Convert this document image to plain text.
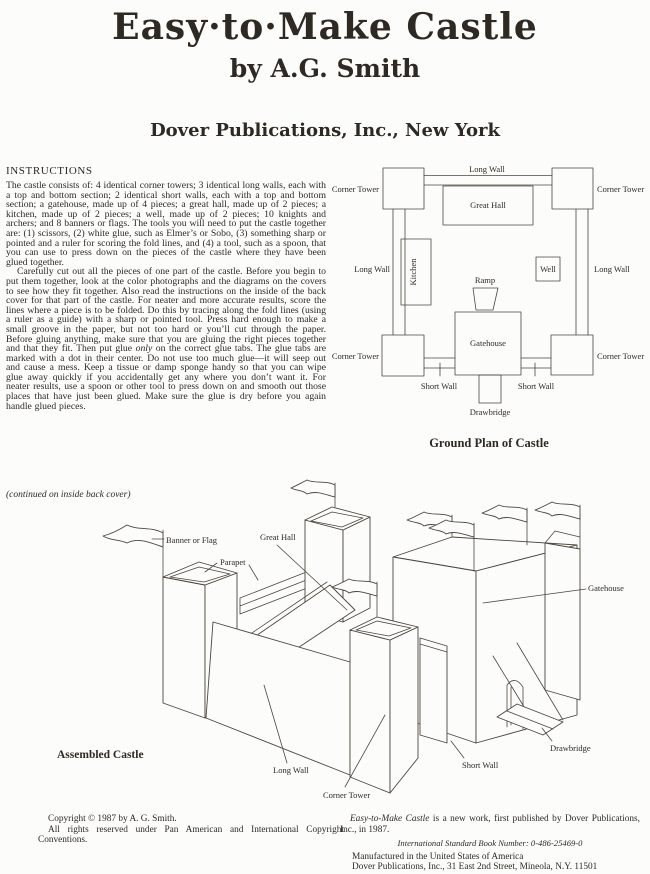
Easy·to·Make Castle
by A.G. Smith
Dover Publications, Inc., New York
INSTRUCTIONS

The castle consists of: 4 identical corner towers; 3 identical long walls, each with a top and bottom section; 2 identical short walls, each with a top and bottom section; a gatehouse, made up of 4 pieces; a great hall, made up of 2 pieces; a kitchen, made up of 2 pieces; a well, made up of 2 pieces; 10 knights and archers; and 8 banners or flags. The tools you will need to put the castle together are: (1) scissors, (2) white glue, such as Elmer’s or Sobo, (3) something sharp or pointed and a ruler for scoring the fold lines, and (4) a tool, such as a spoon, that you can use to press down on the pieces of the castle where they have been glued together.

Carefully cut out all the pieces of one part of the castle. Before you begin to put them together, look at the color photographs and the diagrams on the covers to see how they fit together. Also read the instructions on the inside of the back cover for that part of the castle. For neater and more accurate results, score the lines where a piece is to be folded. Do this by tracing along the fold lines (using a ruler as a guide) with a sharp or pointed tool. Press hard enough to make a small groove in the paper, but not too hard or you’ll cut through the paper. Before gluing anything, make sure that you are gluing the right pieces together and that they fit. Then put glue only on the correct glue tabs. The glue tabs are marked with a dot in their center. Do not use too much glue—it will seep out and cause a mess. Keep a tissue or damp sponge handy so that you can wipe glue away quickly if you accidentally get any where you don’t want it. For neater results, use a spoon or other tool to press down on and smooth out those places that have just been glued. Make sure the glue is dry before you again handle glued pieces.

(continued on inside back cover)
Long Wall
Corner Tower	Corner Tower
Great Hall
Kitchen	Well
Long Wall	Long Wall
Ramp
Gatehouse
Corner Tower	Corner Tower
Short Wall	Short Wall
Drawbridge
Ground Plan of Castle
Banner or Flag	Great Hall
Parapet
Gatehouse
Drawbridge
Short Wall
Long Wall
Corner Tower
Assembled Castle

Copyright © 1987 by A. G. Smith.

All rights reserved under Pan American and International Copyright Conventions.

Easy-to-Make Castle is a new work, first published by Dover Publications, Inc., in 1987.

International Standard Book Number: 0-486-25469-0

Manufactured in the United States of America

Dover Publications, Inc., 31 East 2nd Street, Mineola, N.Y. 11501
